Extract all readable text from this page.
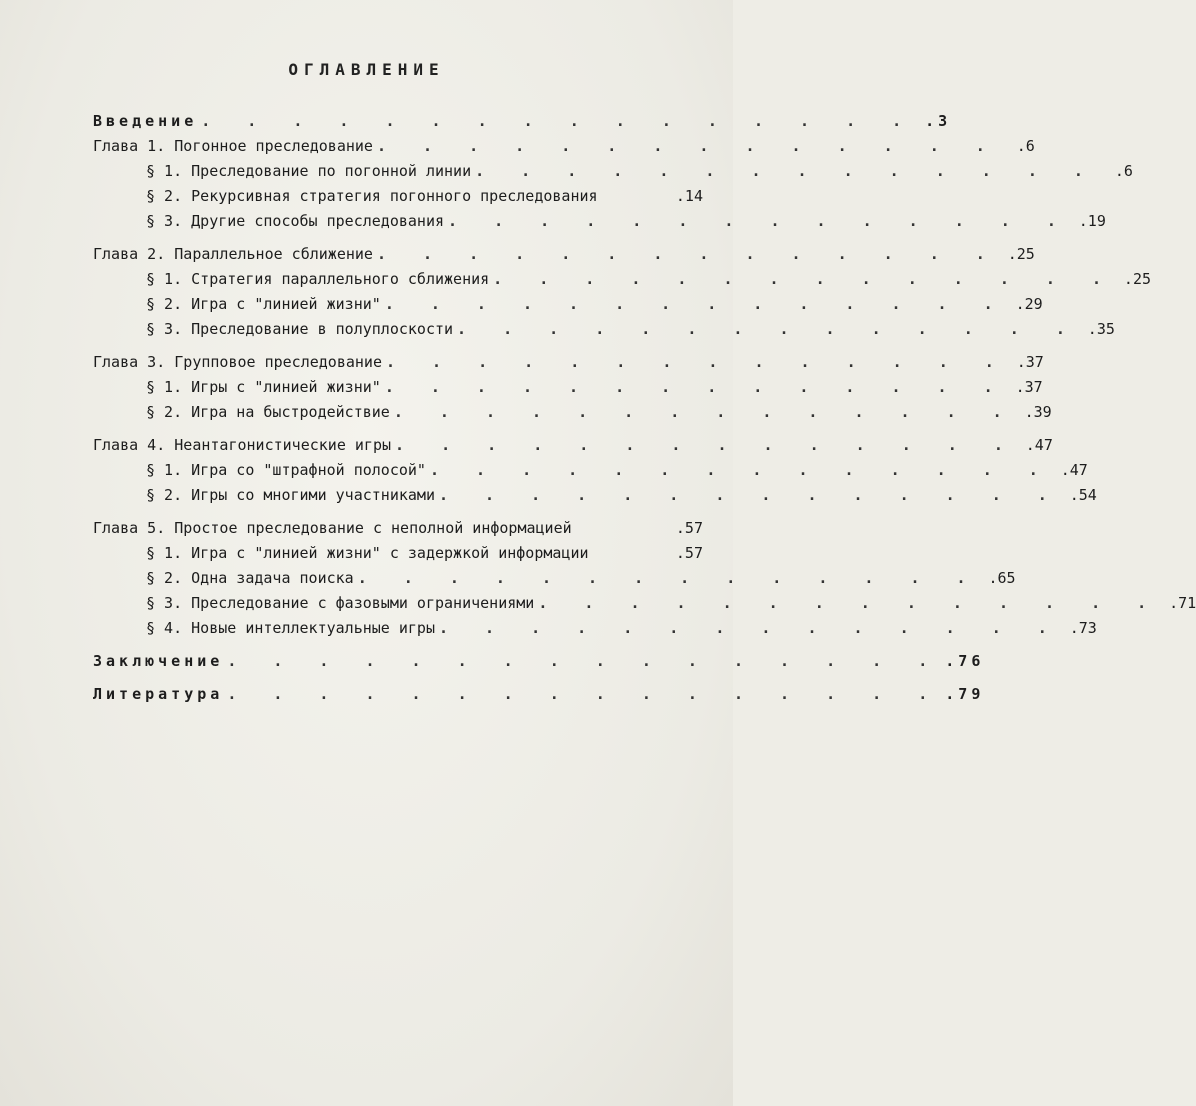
ОГЛАВЛЕНИЕ
Введение . . . . . . . . . . . . . . . . .3
Глава 1. Погонное преследование . . . . . . . . . . . . . .	.6
§ 1. Преследование по погонной линии . . . . . . . . . . . . . .	.6
§ 2. Рекурсивная стратегия погонного преследования	.14
§ 3. Другие способы преследования . . . . . . . . . . . . . . .19
Глава 2. Параллельное сближение . . . . . . . . . . . . . . .25
§ 1. Стратегия параллельного сближения . . . . . . . . . . . . . . .25
§ 2. Игра с "линией жизни" . . . . . . . . . . . . . . .29
§ 3. Преследование в полуплоскости . . . . . . . . . . . . . . .35
Глава 3. Групповое преследование . . . . . . . . . . . . . . .37
§ 1. Игры с "линией жизни" . . . . . . . . . . . . . . .37
§ 2. Игра на быстродействие . . . . . . . . . . . . . . .39
Глава 4. Неантагонистические игры . . . . . . . . . . . . . . .47
§ 1. Игра со "штрафной полосой" . . . . . . . . . . . . . . .47
§ 2. Игры со многими участниками . . . . . . . . . . . . . . .54
Глава 5. Простое преследование с неполной информацией	.57
§ 1. Игра с "линией жизни" с задержкой информации	.57
§ 2. Одна задача поиска . . . . . . . . . . . . . . .65
§ 3. Преследование с фазовыми ограничениями . . . . . . . . . . . . . . .71
§ 4. Новые интеллектуальные игры . . . . . . . . . . . . . . .73
Заключение . . . . . . . . . . . . . . . . .76
Литература . . . . . . . . . . . . . . . . .79
